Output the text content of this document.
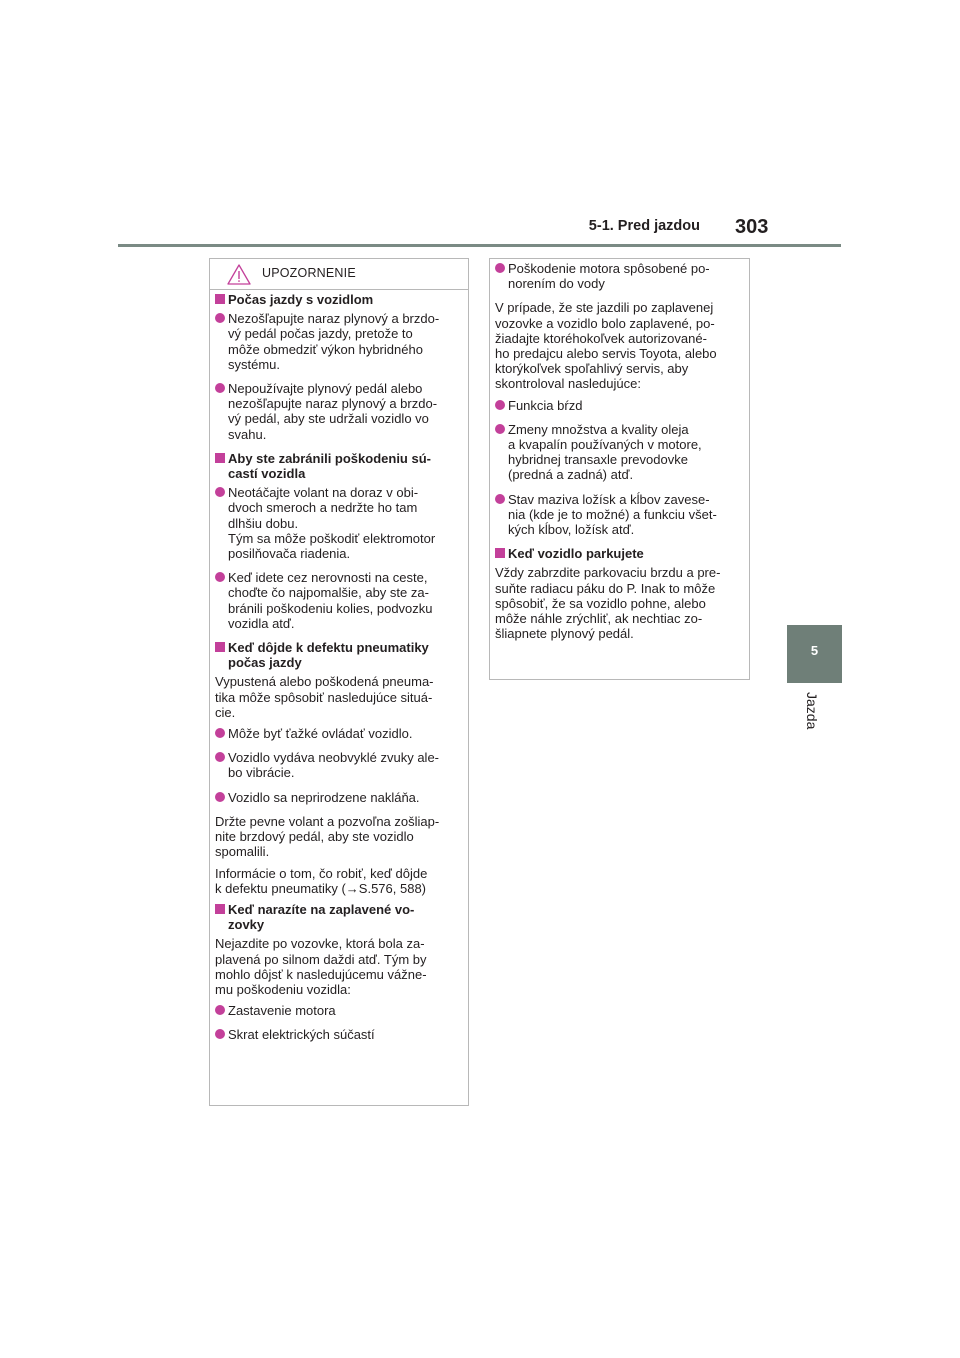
5-1. Pred jazdou 303
5
Jazda
UPOZORNENIE
Počas jazdy s vozidlom
Nezošľapujte naraz plynový a brzdo-
vý pedál počas jazdy, pretože to
môže obmedziť výkon hybridného
systému.
Nepoužívajte plynový pedál alebo
nezošľapujte naraz plynový a brzdo-
vý pedál, aby ste udržali vozidlo vo
svahu.
Aby ste zabránili poškodeniu sú-
castí vozidla
Neotáčajte volant na doraz v obi-
dvoch smeroch a nedržte ho tam
dlhšiu dobu.
Tým sa môže poškodiť elektromotor
posilňovača riadenia.
Keď idete cez nerovnosti na ceste,
choďte čo najpomalšie, aby ste za-
bránili poškodeniu kolies, podvozku
vozidla atď.
Keď dôjde k defektu pneumatiky
počas jazdy
Vypustená alebo poškodená pneuma-
tika môže spôsobiť nasledujúce situá-
cie.
Môže byť ťažké ovládať vozidlo.
Vozidlo vydáva neobvyklé zvuky ale-
bo vibrácie.
Vozidlo sa neprirodzene nakláňa.
Držte pevne volant a pozvoľna zošliap-
nite brzdový pedál, aby ste vozidlo
spomalili.
Informácie o tom, čo robiť, keď dôjde
k defektu pneumatiky (→S.576, 588)
Keď narazíte na zaplavené vo-
zovky
Nejazdite po vozovke, ktorá bola za-
plavená po silnom daždi atď. Tým by
mohlo dôjsť k nasledujúcemu vážne-
mu poškodeniu vozidla:
Zastavenie motora
Skrat elektrických súčastí
Poškodenie motora spôsobené po-
norením do vody
V prípade, že ste jazdili po zaplavenej
vozovke a vozidlo bolo zaplavené, po-
žiadajte ktoréhokoľvek autorizované-
ho predajcu alebo servis Toyota, alebo
ktorýkoľvek spoľahlivý servis, aby
skontroloval nasledujúce:
Funkcia bŕzd
Zmeny množstva a kvality oleja
a kvapalín používaných v motore,
hybridnej transaxle prevodovke
(predná a zadná) atď.
Stav maziva ložísk a kĺbov zavese-
nia (kde je to možné) a funkciu všet-
kých kĺbov, ložísk atď.
Keď vozidlo parkujete
Vždy zabrzdite parkovaciu brzdu a pre-
suňte radiacu páku do P. Inak to môže
spôsobiť, že sa vozidlo pohne, alebo
môže náhle zrýchliť, ak nechtiac zo-
šliapnete plynový pedál.
